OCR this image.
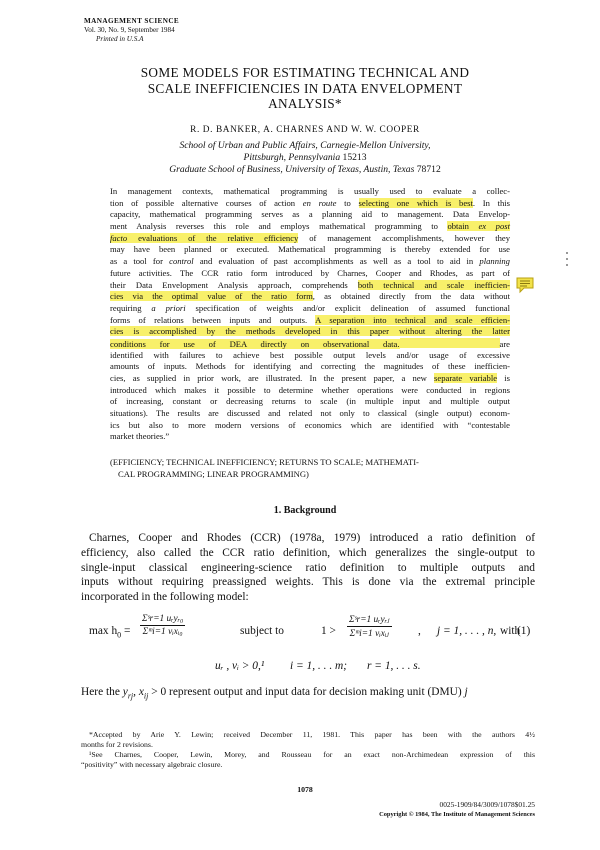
MANAGEMENT SCIENCE
Vol. 30, No. 9, September 1984
Printed in U.S.A
SOME MODELS FOR ESTIMATING TECHNICAL AND
SCALE INEFFICIENCIES IN DATA ENVELOPMENT
ANALYSIS*
R. D. BANKER, A. CHARNES AND W. W. COOPER
School of Urban and Public Affairs, Carnegie-Mellon University,
Pittsburgh, Pennsylvania 15213
Graduate School of Business, University of Texas, Austin, Texas 78712
In management contexts, mathematical programming is usually used to evaluate a collec-
tion of possible alternative courses of action en route to selecting one which is best. In this
capacity, mathematical programming serves as a planning aid to management. Data Envelop-
ment Analysis reverses this role and employs mathematical programming to obtain ex post
facto evaluations of the relative efficiency of management accomplishments, however they
may have been planned or executed. Mathematical programming is thereby extended for use
as a tool for control and evaluation of past accomplishments as well as a tool to aid in planning
future activities. The CCR ratio form introduced by Charnes, Cooper and Rhodes, as part of
their Data Envelopment Analysis approach, comprehends both technical and scale inefficien-
cies via the optimal value of the ratio form, as obtained directly from the data without
requiring a priori specification of weights and/or explicit delineation of assumed functional
forms of relations between inputs and outputs. A separation into technical and scale efficien-
cies is accomplished by the methods developed in this paper without altering the latter
conditions for use of DEA directly on observational data.	are
identified with failures to achieve best possible output levels and/or usage of excessive
amounts of inputs. Methods for identifying and correcting the magnitudes of these inefficien-
cies, as supplied in prior work, are illustrated. In the present paper, a new separate variable is
introduced which makes it possible to determine whether operations were conducted in regions
of increasing, constant or decreasing returns to scale (in multiple input and multiple output
situations). The results are discussed and related not only to classical (single output) econom-
ics but also to more modern versions of economics which are identified with “contestable
market theories.”
(EFFICIENCY; TECHNICAL INEFFICIENCY; RETURNS TO SCALE; MATHEMATI-
CAL PROGRAMMING; LINEAR PROGRAMMING)
1. Background
Charnes, Cooper and Rhodes (CCR) (1978a, 1979) introduced a ratio definition of
efficiency, also called the CCR ratio definition, which generalizes the single-output to
single-input classical engineering-science ratio definition to multiple outputs and
inputs without requiring preassigned weights. This is done via the extremal principle
incorporated in the following model:
$\max h_0$ =
Σˢr=1 uᵣyᵣ₀
Σᵐi=1 vᵢxᵢ₀	subject to	1 >
Σˢr=1 uᵣyᵣⱼ
Σᵐi=1 vᵢxᵢⱼ	, j = 1, . . . , n, with
(1)
uᵣ , vᵢ > 0,¹ i = 1, . . . m; r = 1, . . . s.
Here the $y_{rj}$, $x_{ij} > 0$ represent output and input data for decision making unit (DMU) j
*Accepted by Arie Y. Lewin; received December 11, 1981. This paper has been with the authors 4½
months for 2 revisions.
¹See Charnes, Cooper, Lewin, Morey, and Rousseau for an exact non-Archimedean expression of this
“positivity” with necessary algebraic closure.
1078
0025-1909/84/3009/1078$01.25
Copyright © 1984, The Institute of Management Sciences
